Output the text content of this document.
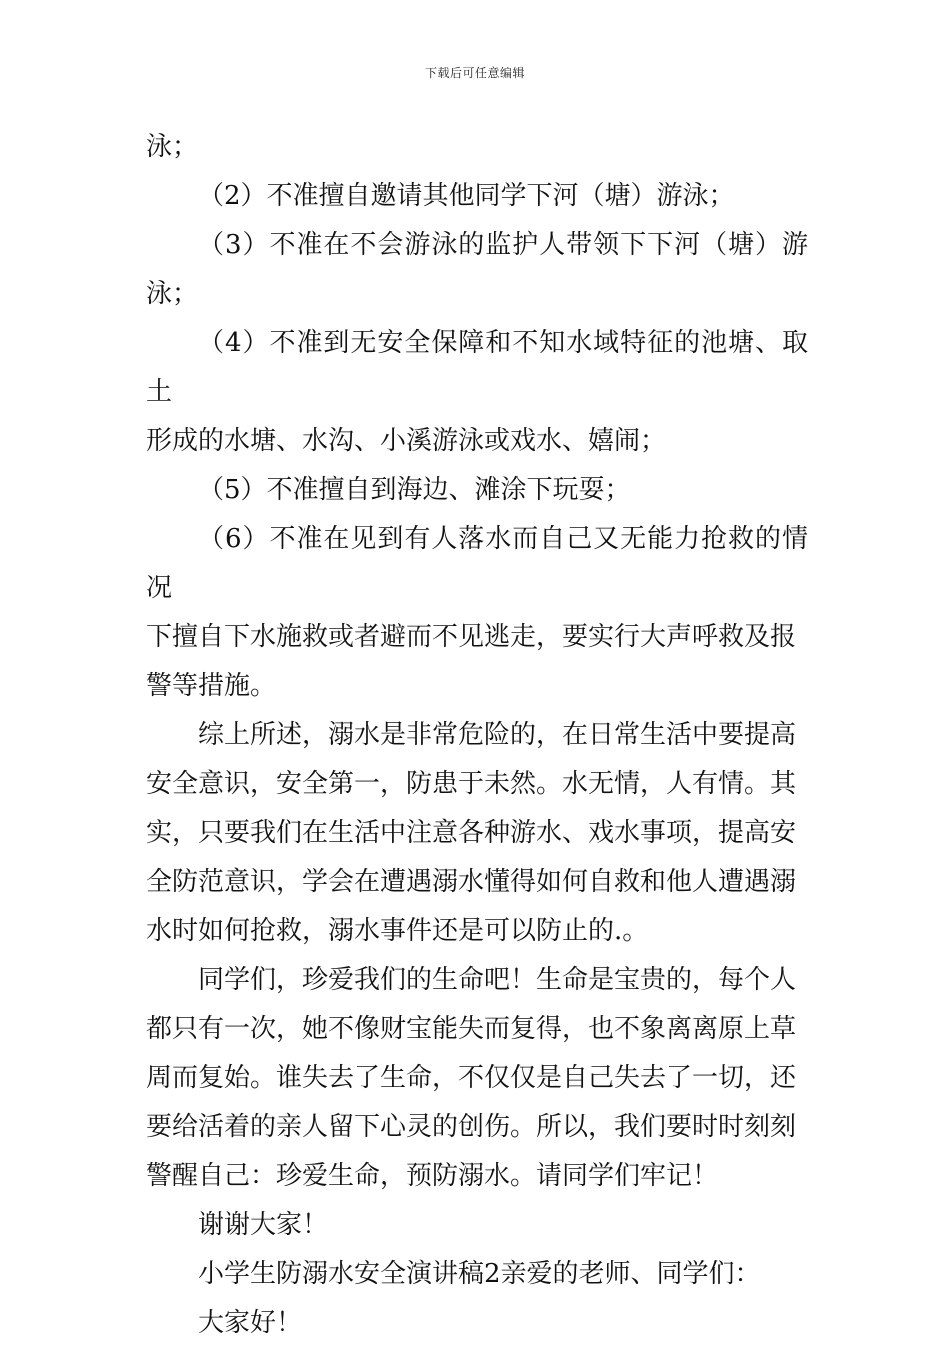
下载后可任意编辑

泳；

（2）不准擅自邀请其他同学下河（塘）游泳；

（3）不准在不会游泳的监护人带领下下河（塘）游泳；

（4）不准到无安全保障和不知水域特征的池塘、取土

形成的水塘、水沟、小溪游泳或戏水、嬉闹；

（5）不准擅自到海边、滩涂下玩耍；

（6）不准在见到有人落水而自己又无能力抢救的情况

下擅自下水施救或者避而不见逃走，要实行大声呼救及报

警等措施。

综上所述，溺水是非常危险的，在日常生活中要提高

安全意识，安全第一，防患于未然。水无情，人有情。其

实，只要我们在生活中注意各种游水、戏水事项，提高安

全防范意识，学会在遭遇溺水懂得如何自救和他人遭遇溺

水时如何抢救，溺水事件还是可以防止的.。

同学们，珍爱我们的生命吧！生命是宝贵的，每个人

都只有一次，她不像财宝能失而复得，也不象离离原上草

周而复始。谁失去了生命，不仅仅是自己失去了一切，还

要给活着的亲人留下心灵的创伤。所以，我们要时时刻刻

警醒自己：珍爱生命，预防溺水。请同学们牢记！

谢谢大家！

小学生防溺水安全演讲稿2亲爱的老师、同学们：

大家好！
